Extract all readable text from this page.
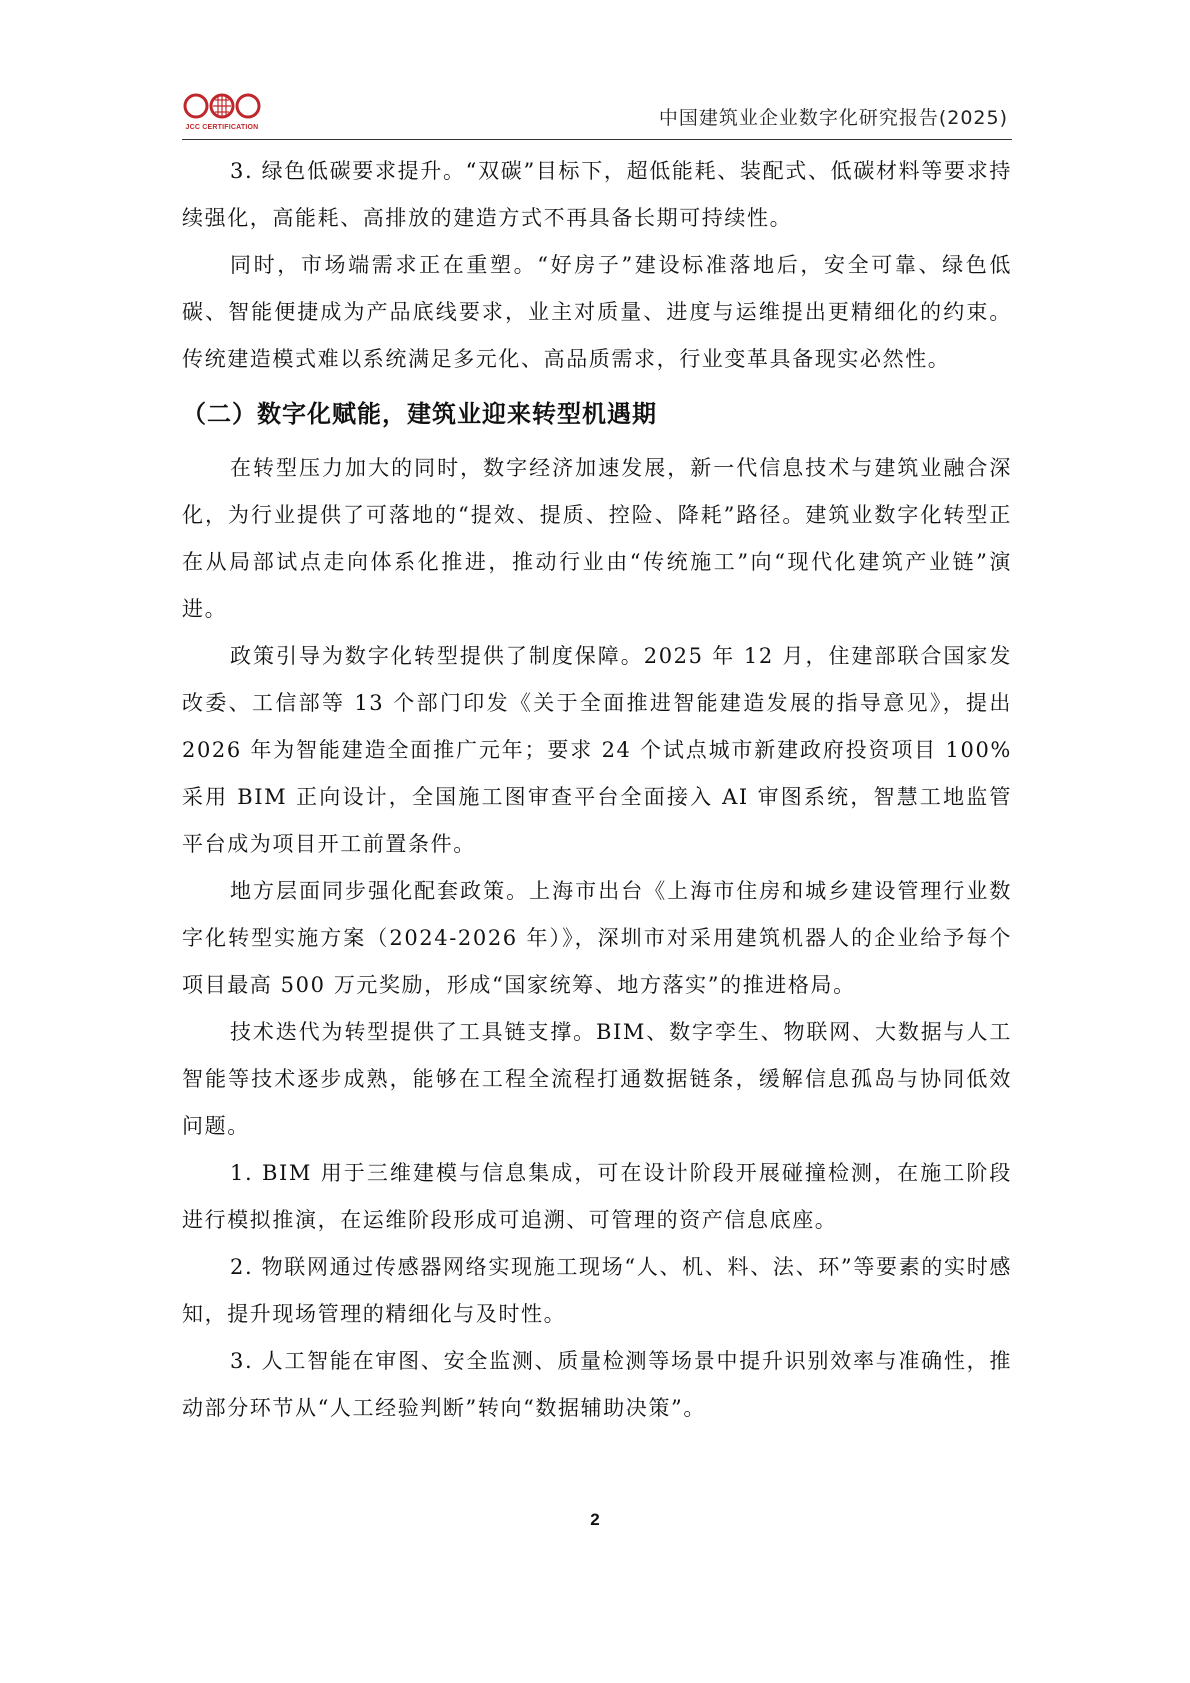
JCC CERTIFICATION	中国建筑业企业数字化研究报告(2025)

3. 绿色低碳要求提升。“双碳”目标下，超低能耗、装配式、低碳材料等要求持续强化，高能耗、高排放的建造方式不再具备长期可持续性。

同时，市场端需求正在重塑。“好房子”建设标准落地后，安全可靠、绿色低碳、智能便捷成为产品底线要求，业主对质量、进度与运维提出更精细化的约束。传统建造模式难以系统满足多元化、高品质需求，行业变革具备现实必然性。

（二）数字化赋能，建筑业迎来转型机遇期

在转型压力加大的同时，数字经济加速发展，新一代信息技术与建筑业融合深化，为行业提供了可落地的“提效、提质、控险、降耗”路径。建筑业数字化转型正在从局部试点走向体系化推进，推动行业由“传统施工”向“现代化建筑产业链”演进。

政策引导为数字化转型提供了制度保障。2025 年 12 月，住建部联合国家发改委、工信部等 13 个部门印发《关于全面推进智能建造发展的指导意见》，提出 2026 年为智能建造全面推广元年；要求 24 个试点城市新建政府投资项目 100% 采用 BIM 正向设计，全国施工图审查平台全面接入 AI 审图系统，智慧工地监管平台成为项目开工前置条件。

地方层面同步强化配套政策。上海市出台《上海市住房和城乡建设管理行业数字化转型实施方案（2024-2026 年）》，深圳市对采用建筑机器人的企业给予每个项目最高 500 万元奖励，形成“国家统筹、地方落实”的推进格局。

技术迭代为转型提供了工具链支撑。BIM、数字孪生、物联网、大数据与人工智能等技术逐步成熟，能够在工程全流程打通数据链条，缓解信息孤岛与协同低效问题。

1. BIM 用于三维建模与信息集成，可在设计阶段开展碰撞检测，在施工阶段进行模拟推演，在运维阶段形成可追溯、可管理的资产信息底座。

2. 物联网通过传感器网络实现施工现场“人、机、料、法、环”等要素的实时感知，提升现场管理的精细化与及时性。

3. 人工智能在审图、安全监测、质量检测等场景中提升识别效率与准确性，推动部分环节从“人工经验判断”转向“数据辅助决策”。

2
